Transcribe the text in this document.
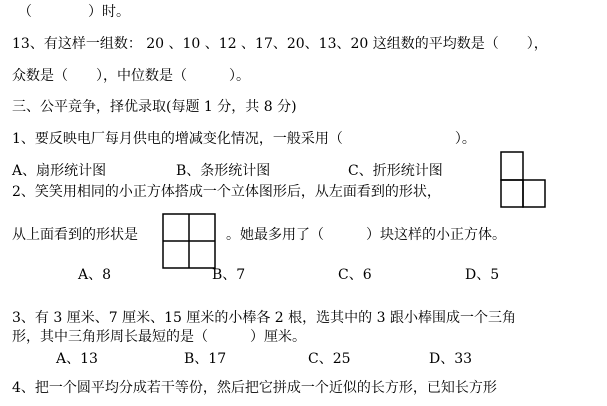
（　　　　）时。
13、有这样一组数： 20 、10 、12 、17、20、13、20 这组数的平均数是（　　），
众数是（　　），中位数是（　　　）。
三、公平竞争，择优录取(每题 1 分，共 8 分)
1、要反映电厂每月供电的增减变化情况，一般采用（　　　　　　　　）。
A、扇形统计图	B、条形统计图	C、折形统计图
2、笑笑用相同的小正方体搭成一个立体图形后，从左面看到的形状，
从上面看到的形状是	。她最多用了（　　　）块这样的小正方体。
A、8	B、7	C、6	D、5
3、有 3 厘米、7 厘米、15 厘米的小棒各 2 根，选其中的 3 跟小棒围成一个三角
形，其中三角形周长最短的是（　　　）厘米。
A、13	B、17	C、25	D、33
4、把一个圆平均分成若干等份，然后把它拼成一个近似的长方形，已知长方形
